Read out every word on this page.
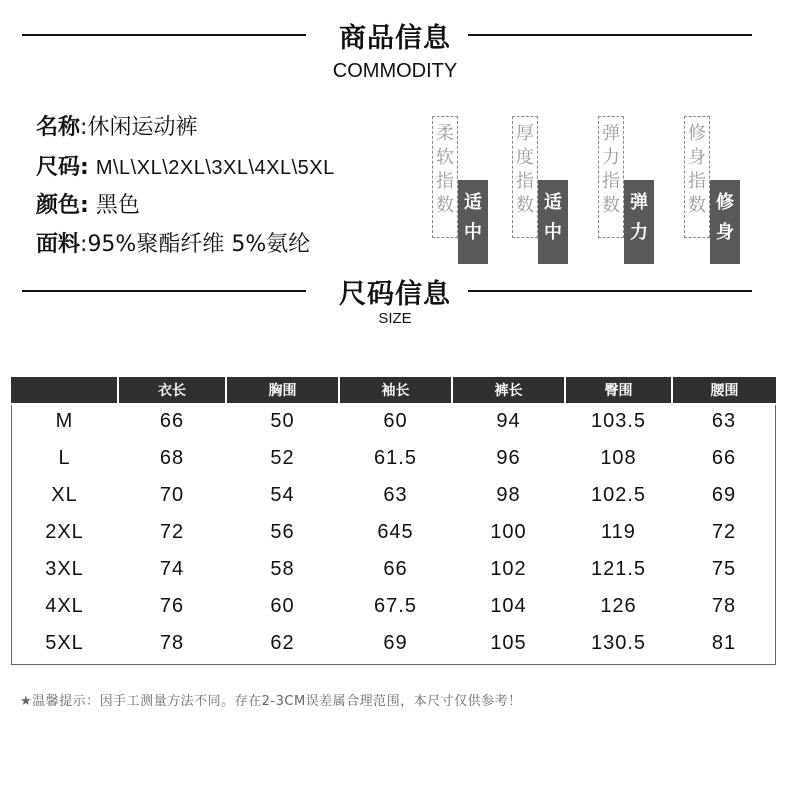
商品信息
COMMODITY
名称:休闲运动裤
尺码: M\L\XL\2XL\3XL\4XL\5XL
颜色: 黑色
面料:95%聚酯纤维 5%氨纶
柔
软
指
数 适
中
厚
度
指
数 适
中
弹
力
指
数 弹
力
修
身
指
数 修
身
尺码信息
SIZE
	衣长	胸围	袖长	裤长	臀围	腰围
M	66	50	60	94	103.5	63
L	68	52	61.5	96	108	66
XL	70	54	63	98	102.5	69
2XL	72	56	645	100	119	72
3XL	74	58	66	102	121.5	75
4XL	76	60	67.5	104	126	78
5XL	78	62	69	105	130.5	81
★温馨提示：因手工测量方法不同。存在2-3CM误差属合理范围，本尺寸仅供参考！
